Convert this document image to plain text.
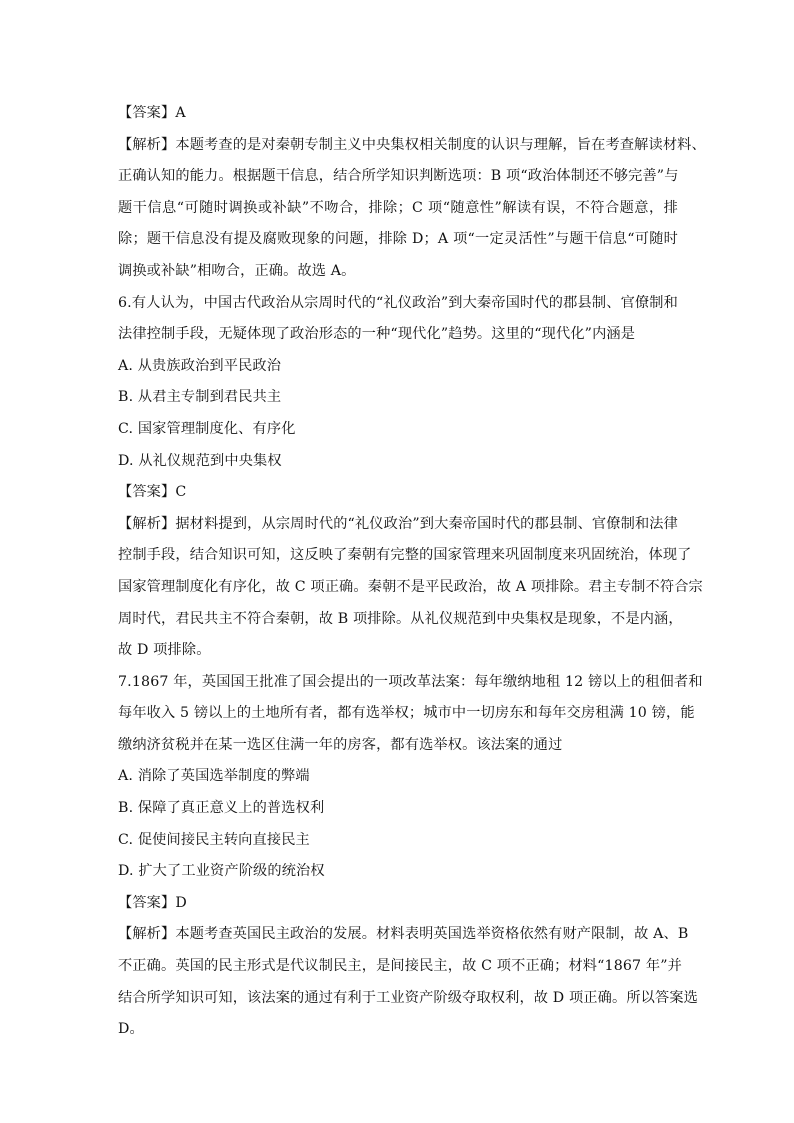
【答案】A
【解析】本题考查的是对秦朝专制主义中央集权相关制度的认识与理解，旨在考查解读材料、
正确认知的能力。根据题干信息，结合所学知识判断选项：B 项“政治体制还不够完善”与
题干信息“可随时调换或补缺”不吻合，排除；C 项“随意性”解读有误，不符合题意，排
除；题干信息没有提及腐败现象的问题，排除 D；A 项“一定灵活性”与题干信息“可随时
调换或补缺”相吻合，正确。故选 A。
6.有人认为，中国古代政治从宗周时代的“礼仪政治”到大秦帝国时代的郡县制、官僚制和
法律控制手段，无疑体现了政治形态的一种“现代化”趋势。这里的“现代化”内涵是
A. 从贵族政治到平民政治
B. 从君主专制到君民共主
C. 国家管理制度化、有序化
D. 从礼仪规范到中央集权
【答案】C
【解析】据材料提到，从宗周时代的“礼仪政治”到大秦帝国时代的郡县制、官僚制和法律
控制手段，结合知识可知，这反映了秦朝有完整的国家管理来巩固制度来巩固统治，体现了
国家管理制度化有序化，故 C 项正确。秦朝不是平民政治，故 A 项排除。君主专制不符合宗
周时代，君民共主不符合秦朝，故 B 项排除。从礼仪规范到中央集权是现象，不是内涵，
故 D 项排除。
7.1867 年，英国国王批准了国会提出的一项改革法案：每年缴纳地租 12 镑以上的租佃者和
每年收入 5 镑以上的土地所有者，都有选举权；城市中一切房东和每年交房租满 10 镑，能
缴纳济贫税并在某一选区住满一年的房客，都有选举权。该法案的通过
A. 消除了英国选举制度的弊端
B. 保障了真正意义上的普选权利
C. 促使间接民主转向直接民主
D. 扩大了工业资产阶级的统治权
【答案】D
【解析】本题考查英国民主政治的发展。材料表明英国选举资格依然有财产限制，故 A、B
不正确。英国的民主形式是代议制民主，是间接民主，故 C 项不正确；材料“1867 年”并
结合所学知识可知，该法案的通过有利于工业资产阶级夺取权利，故 D 项正确。所以答案选
D。
